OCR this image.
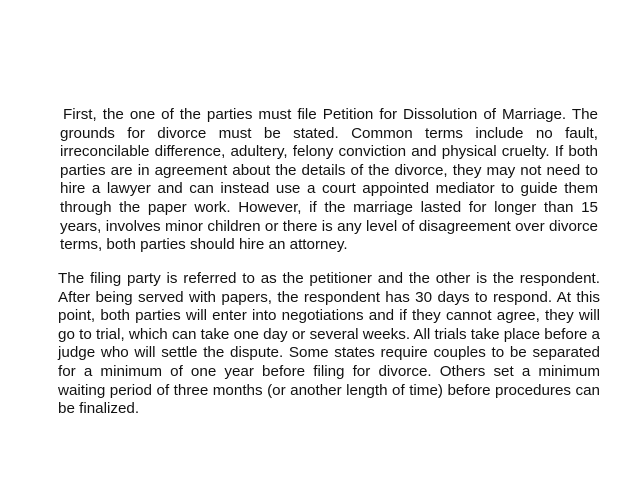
First, the one of the parties must file Petition for Dissolution of Marriage. The grounds for divorce must be stated. Common terms include no fault, irreconcilable difference, adultery, felony conviction and physical cruelty. If both parties are in agreement about the details of the divorce, they may not need to hire a lawyer and can instead use a court appointed mediator to guide them through the paper work. However, if the marriage lasted for longer than 15 years, involves minor children or there is any level of disagreement over divorce terms, both parties should hire an attorney.

The filing party is referred to as the petitioner and the other is the respondent. After being served with papers, the respondent has 30 days to respond. At this point, both parties will enter into negotiations and if they cannot agree, they will go to trial, which can take one day or several weeks. All trials take place before a judge who will settle the dispute. Some states require couples to be separated for a minimum of one year before filing for divorce. Others set a minimum waiting period of three months (or another length of time) before procedures can be finalized.
